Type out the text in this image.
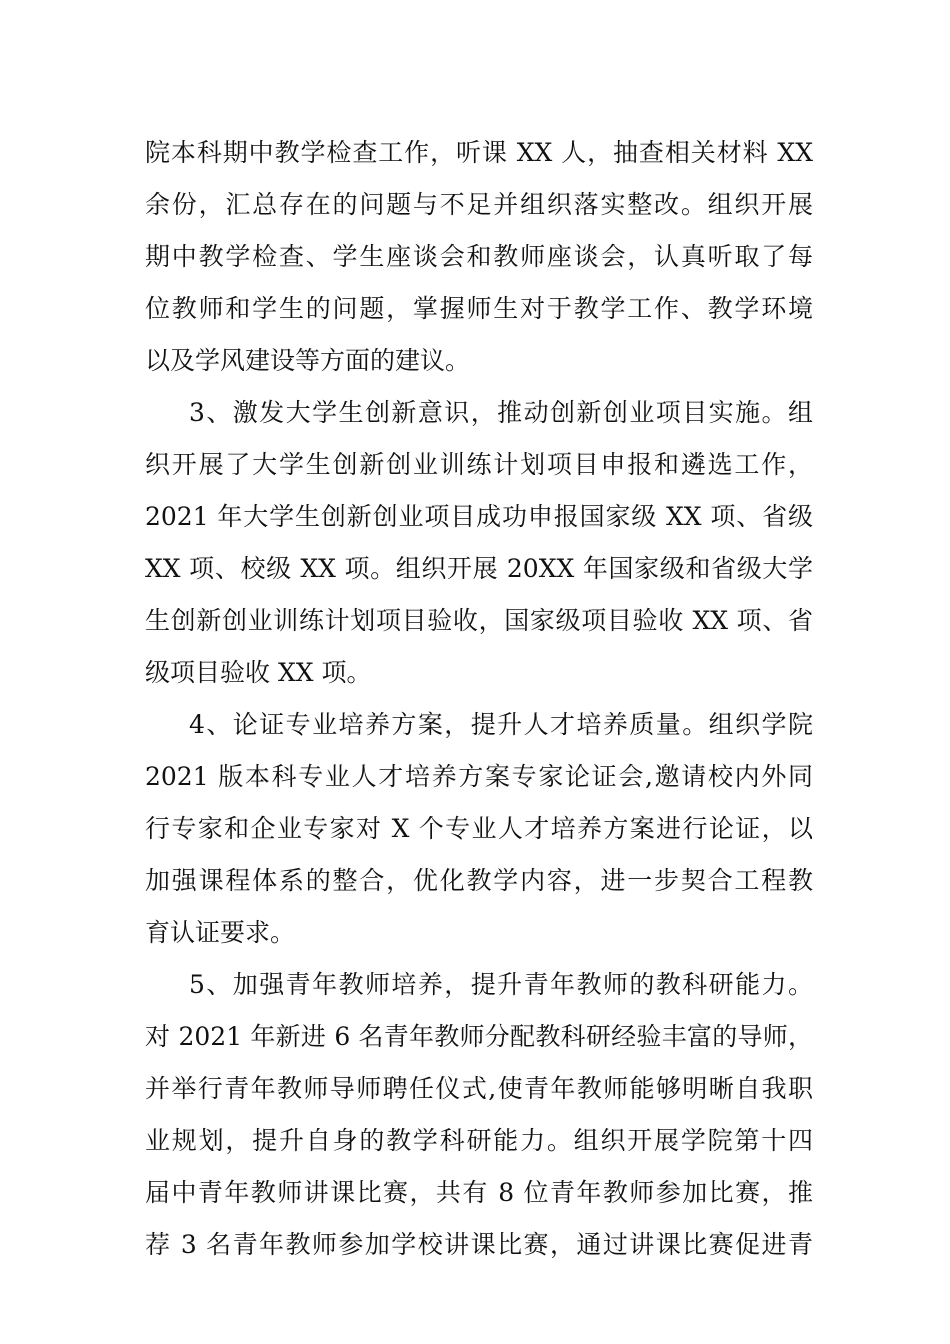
院本科期中教学检查工作，听课 XX 人，抽查相关材料 XX
余份，汇总存在的问题与不足并组织落实整改。组织开展
期中教学检查、学生座谈会和教师座谈会，认真听取了每
位教师和学生的问题，掌握师生对于教学工作、教学环境
以及学风建设等方面的建议。
3、激发大学生创新意识，推动创新创业项目实施。组
织开展了大学生创新创业训练计划项目申报和遴选工作，
2021 年大学生创新创业项目成功申报国家级 XX 项、省级
XX 项、校级 XX 项。组织开展 20XX 年国家级和省级大学
生创新创业训练计划项目验收，国家级项目验收 XX 项、省
级项目验收 XX 项。
4、论证专业培养方案，提升人才培养质量。组织学院
2021 版本科专业人才培养方案专家论证会,邀请校内外同
行专家和企业专家对 X 个专业人才培养方案进行论证，以
加强课程体系的整合，优化教学内容，进一步契合工程教
育认证要求。
5、加强青年教师培养，提升青年教师的教科研能力。
对 2021 年新进 6 名青年教师分配教科研经验丰富的导师，
并举行青年教师导师聘任仪式,使青年教师能够明晰自我职
业规划，提升自身的教学科研能力。组织开展学院第十四
届中青年教师讲课比赛，共有 8 位青年教师参加比赛，推
荐 3 名青年教师参加学校讲课比赛，通过讲课比赛促进青
